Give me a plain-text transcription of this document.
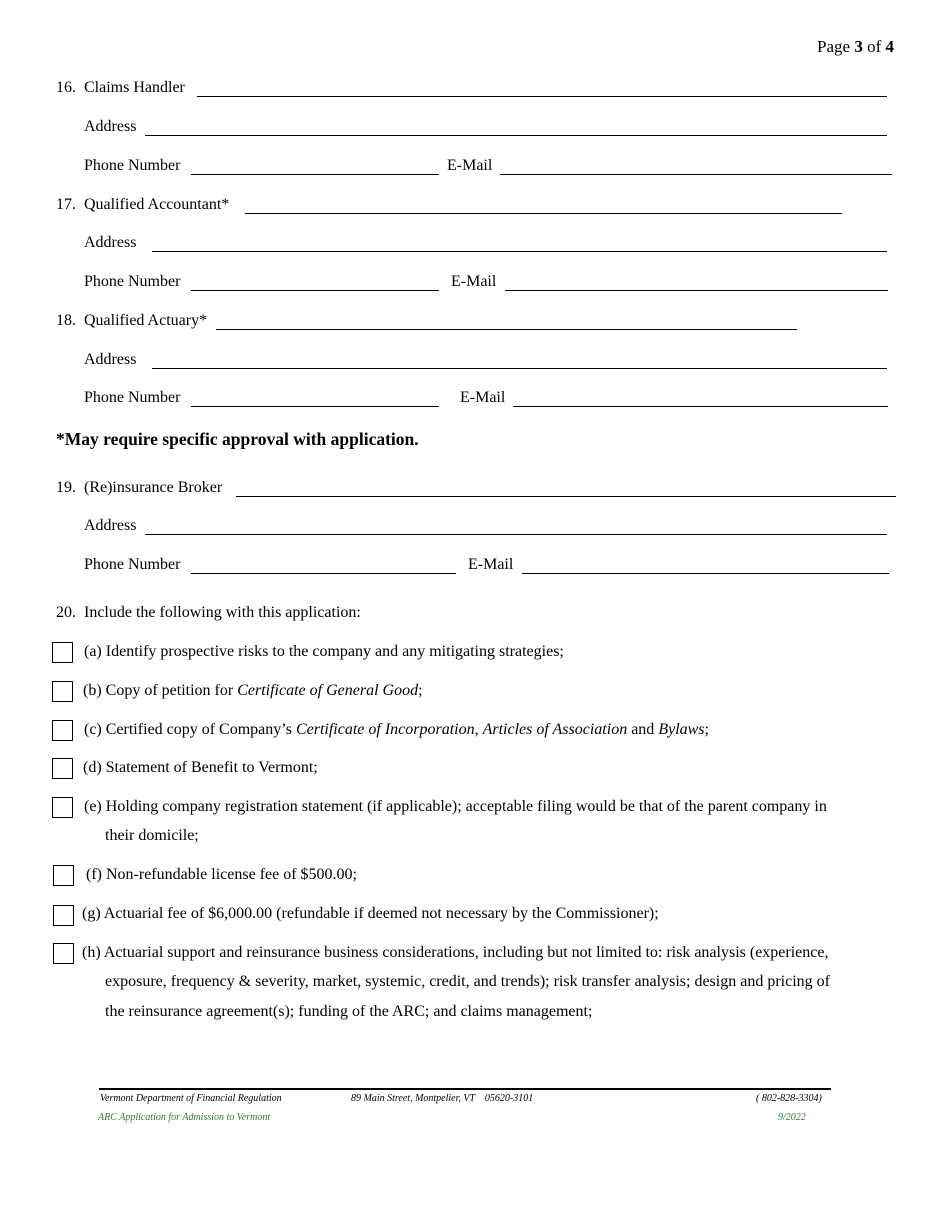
Page 3 of 4
16. Claims Handler
Address
Phone Number	E-Mail
17. Qualified Accountant*
Address
Phone Number	E-Mail
18. Qualified Actuary*
Address
Phone Number	E-Mail
*May require specific approval with application.
19. (Re)insurance Broker
Address
Phone Number	E-Mail
20. Include the following with this application:
(a) Identify prospective risks to the company and any mitigating strategies;
(b) Copy of petition for Certificate of General Good;
(c) Certified copy of Company’s Certificate of Incorporation, Articles of Association and Bylaws;
(d) Statement of Benefit to Vermont;
(e) Holding company registration statement (if applicable); acceptable filing would be that of the parent company in
their domicile;
(f) Non-refundable license fee of $500.00;
(g) Actuarial fee of $6,000.00 (refundable if deemed not necessary by the Commissioner);
(h) Actuarial support and reinsurance business considerations, including but not limited to: risk analysis (experience,
exposure, frequency & severity, market, systemic, credit, and trends); risk transfer analysis; design and pricing of
the reinsurance agreement(s); funding of the ARC; and claims management;
Vermont Department of Financial Regulation	89 Main Street, Montpelier, VT    05620-3101	( 802-828-3304)
ARC Application for Admission to Vermont	9/2022
